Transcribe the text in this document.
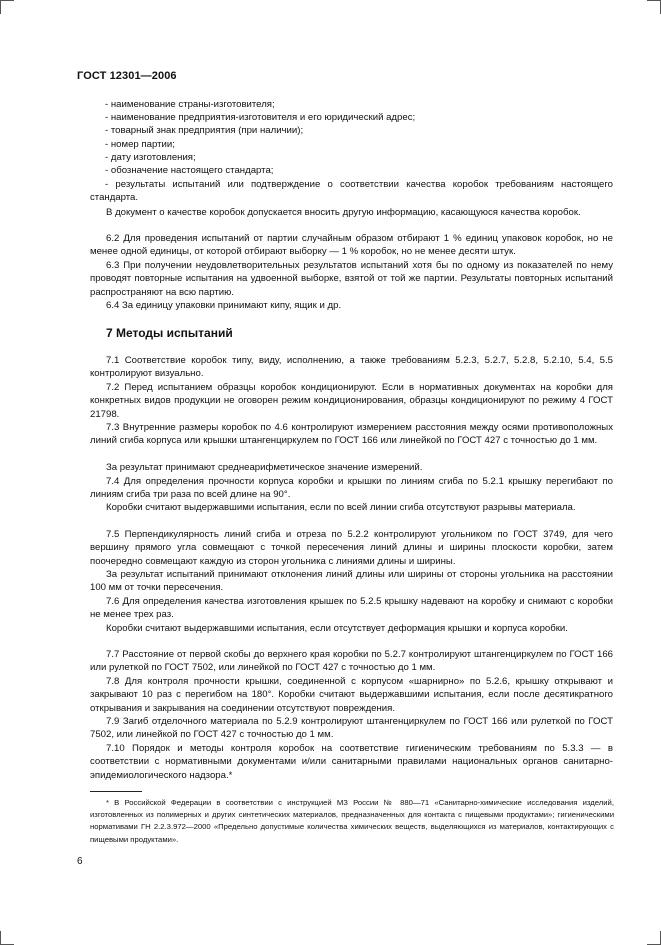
ГОСТ 12301—2006
- наименование страны-изготовителя;
- наименование предприятия-изготовителя и его юридический адрес;
- товарный знак предприятия (при наличии);
- номер партии;
- дату изготовления;
- обозначение настоящего стандарта;

- результаты испытаний или подтверждение о соответствии качества коробок требованиям настоящего стандарта.

В документ о качестве коробок допускается вносить другую информацию, касающуюся качества коробок.

6.2 Для проведения испытаний от партии случайным образом отбирают 1 % единиц упаковок коробок, но не менее одной единицы, от которой отбирают выборку — 1 % коробок, но не менее десяти штук.

6.3 При получении неудовлетворительных результатов испытаний хотя бы по одному из показателей по нему проводят повторные испытания на удвоенной выборке, взятой от той же партии. Результаты повторных испытаний распространяют на всю партию.

6.4 За единицу упаковки принимают кипу, ящик и др.

7 Методы испытаний

7.1 Соответствие коробок типу, виду, исполнению, а также требованиям 5.2.3, 5.2.7, 5.2.8, 5.2.10, 5.4, 5.5 контролируют визуально.

7.2 Перед испытанием образцы коробок кондиционируют. Если в нормативных документах на коробки для конкретных видов продукции не оговорен режим кондиционирования, образцы кондиционируют по режиму 4 ГОСТ 21798.

7.3 Внутренние размеры коробок по 4.6 контролируют измерением расстояния между осями противоположных линий сгиба корпуса или крышки штангенциркулем по ГОСТ 166 или линейкой по ГОСТ 427 с точностью до 1 мм.

За результат принимают среднеарифметическое значение измерений.

7.4 Для определения прочности корпуса коробки и крышки по линиям сгиба по 5.2.1 крышку перегибают по линиям сгиба три раза по всей длине на 90°.

Коробки считают выдержавшими испытания, если по всей линии сгиба отсутствуют разрывы материала.

7.5 Перпендикулярность линий сгиба и отреза по 5.2.2 контролируют угольником по ГОСТ 3749, для чего вершину прямого угла совмещают с точкой пересечения линий длины и ширины плоскости коробки, затем поочередно совмещают каждую из сторон угольника с линиями длины и ширины.

За результат испытаний принимают отклонения линий длины или ширины от стороны угольника на расстоянии 100 мм от точки пересечения.

7.6 Для определения качества изготовления крышек по 5.2.5 крышку надевают на коробку и снимают с коробки не менее трех раз.

Коробки считают выдержавшими испытания, если отсутствует деформация крышки и корпуса коробки.

7.7 Расстояние от первой скобы до верхнего края коробки по 5.2.7 контролируют штангенциркулем по ГОСТ 166 или рулеткой по ГОСТ 7502, или линейкой по ГОСТ 427 с точностью до 1 мм.

7.8 Для контроля прочности крышки, соединенной с корпусом «шарнирно» по 5.2.6, крышку открывают и закрывают 10 раз с перегибом на 180°. Коробки считают выдержавшими испытания, если после десятикратного открывания и закрывания на соединении отсутствуют повреждения.

7.9 Загиб отделочного материала по 5.2.9 контролируют штангенциркулем по ГОСТ 166 или рулеткой по ГОСТ 7502, или линейкой по ГОСТ 427 с точностью до 1 мм.

7.10 Порядок и методы контроля коробок на соответствие гигиеническим требованиям по 5.3.3 — в соответствии с нормативными документами и/или санитарными правилами национальных органов санитарно-эпидемиологического надзора.*

* В Российской Федерации в соответствии с инструкцией МЗ России № 880—71 «Санитарно-химические исследования изделий, изготовленных из полимерных и других синтетических материалов, предназначенных для контакта с пищевыми продуктами»; гигиеническими нормативами ГН 2.2.3.972—2000 «Предельно допустимые количества химических веществ, выделяющихся из материалов, контактирующих с пищевыми продуктами».

6
